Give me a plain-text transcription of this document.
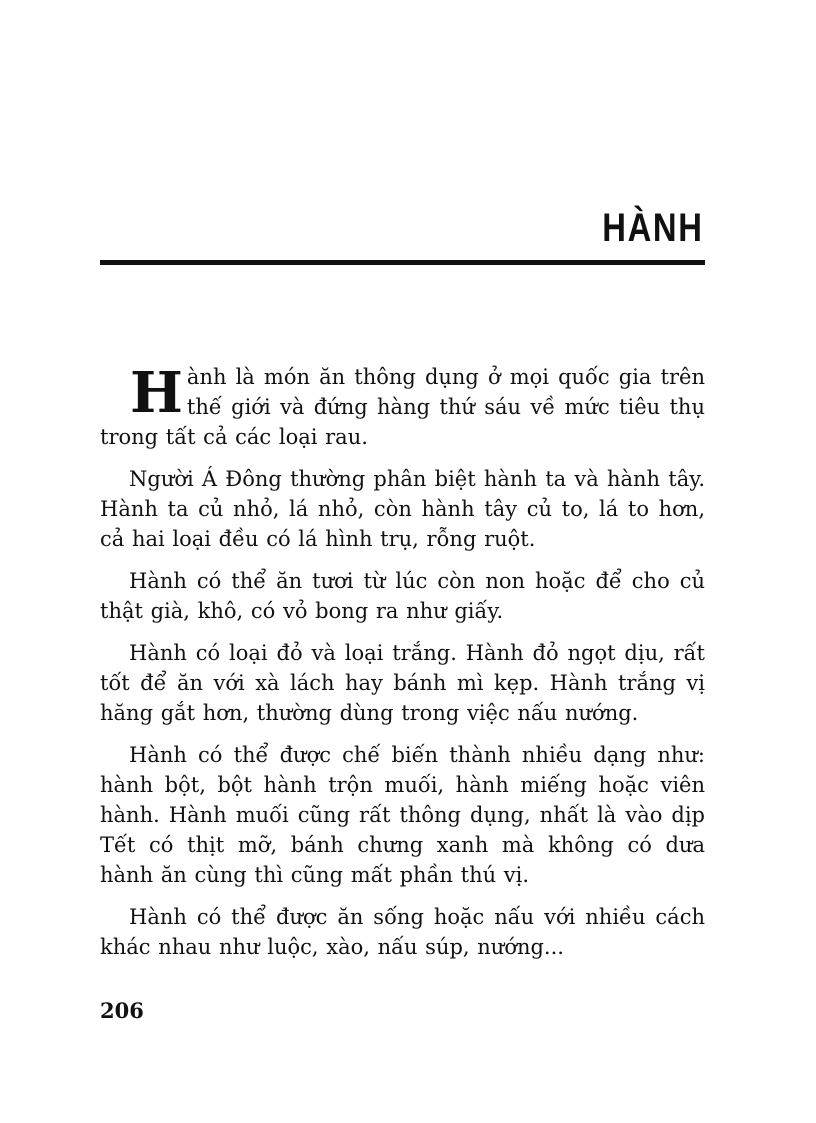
HÀNH

Hành là món ăn thông dụng ở mọi quốc gia trên thế giới và đứng hàng thứ sáu về mức tiêu thụ trong tất cả các loại rau.

Người Á Đông thường phân biệt hành ta và hành tây. Hành ta củ nhỏ, lá nhỏ, còn hành tây củ to, lá to hơn, cả hai loại đều có lá hình trụ, rỗng ruột.

Hành có thể ăn tươi từ lúc còn non hoặc để cho củ thật già, khô, có vỏ bong ra như giấy.

Hành có loại đỏ và loại trắng. Hành đỏ ngọt dịu, rất tốt để ăn với xà lách hay bánh mì kẹp. Hành trắng vị hăng gắt hơn, thường dùng trong việc nấu nướng.

Hành có thể được chế biến thành nhiều dạng như: hành bột, bột hành trộn muối, hành miếng hoặc viên hành. Hành muối cũng rất thông dụng, nhất là vào dịp Tết có thịt mỡ, bánh chưng xanh mà không có dưa hành ăn cùng thì cũng mất phần thú vị.

Hành có thể được ăn sống hoặc nấu với nhiều cách khác nhau như luộc, xào, nấu súp, nướng...

206
